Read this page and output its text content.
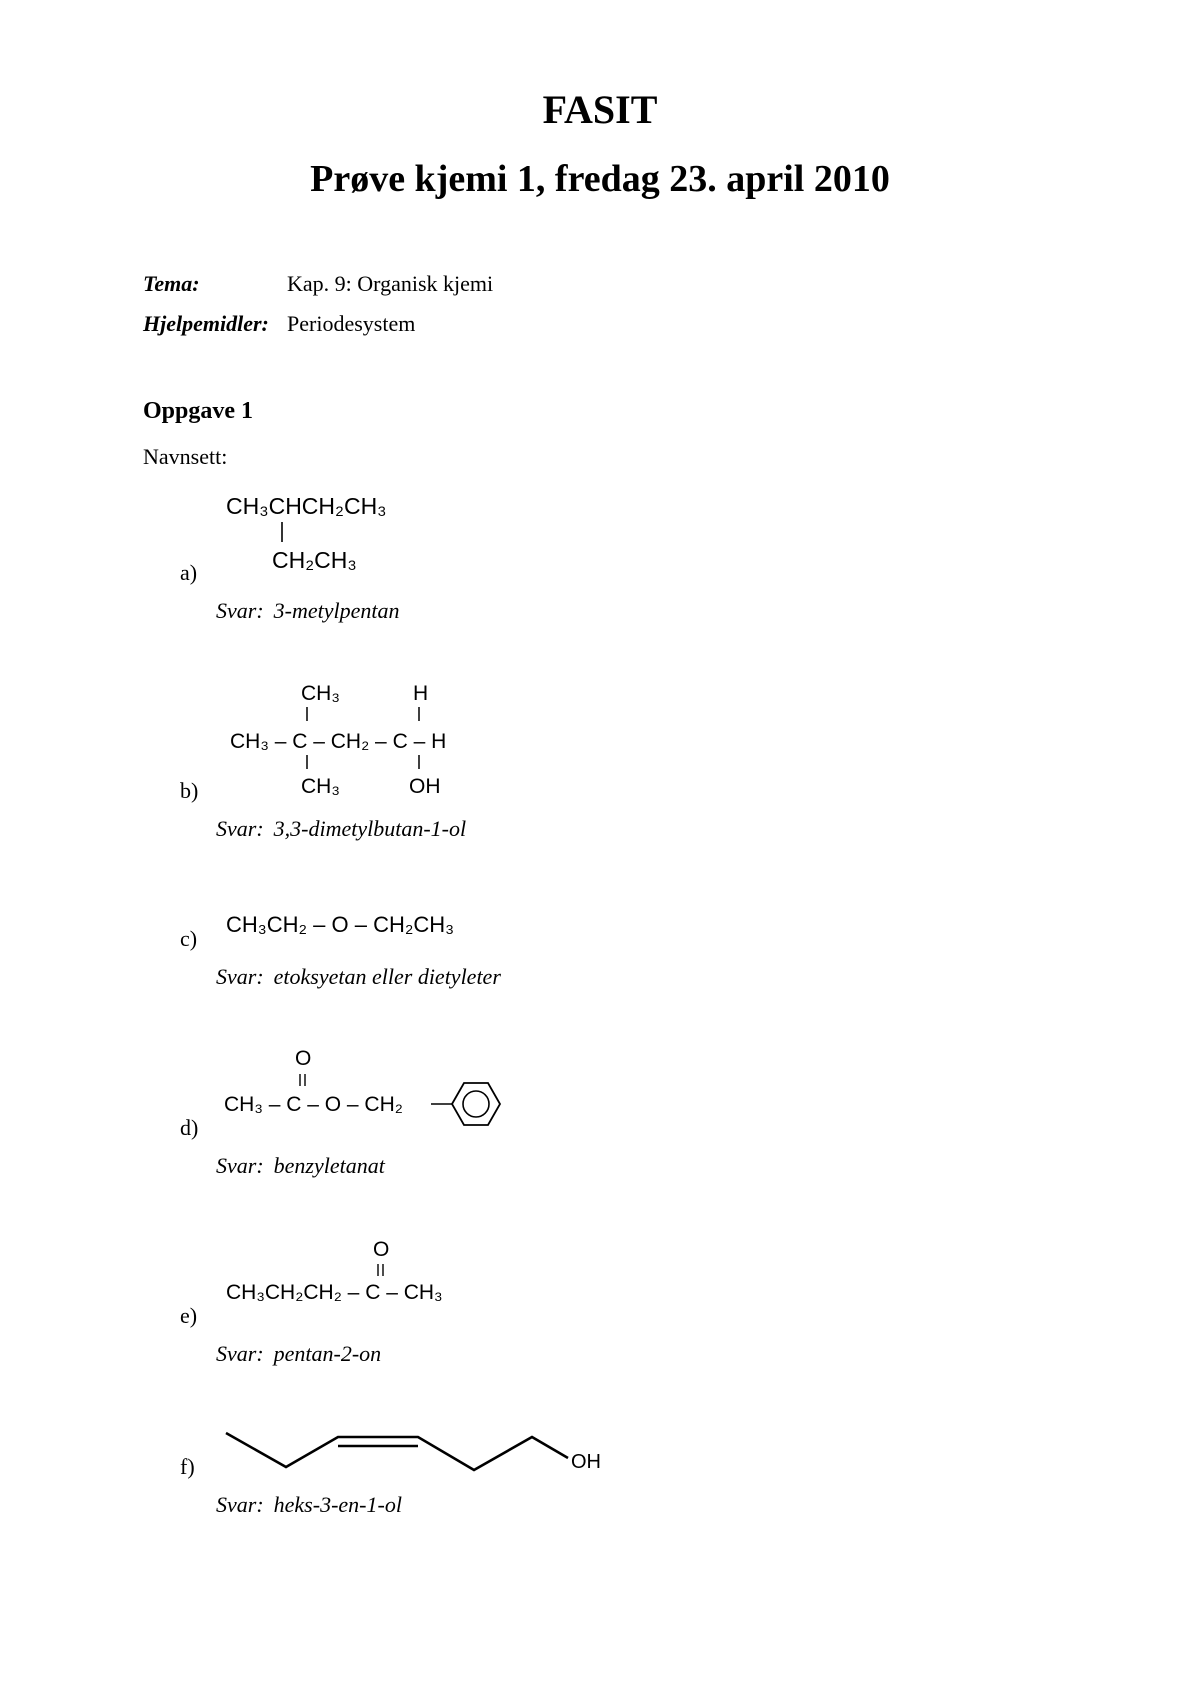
FASIT
Prøve kjemi 1, fredag 23. april 2010
Tema:	Kap. 9: Organisk kjemi
Hjelpemidler: Periodesystem
Oppgave 1
Navnsett:
CH₃CHCH₂CH₃
CH₂CH₃
a)
Svar: 3-metylpentan
CH₃	H
CH₃ – C – CH₂ – C – H
CH₃	OH
b)
Svar: 3,3-dimetylbutan-1-ol
CH₃CH₂ – O – CH₂CH₃
c)
Svar: etoksyetan eller dietyleter
O
CH₃ – C – O – CH₂
d)
Svar: benzyletanat
O
CH₃CH₂CH₂ – C – CH₃
e)
Svar: pentan-2-on
OH
f)
Svar: heks-3-en-1-ol
